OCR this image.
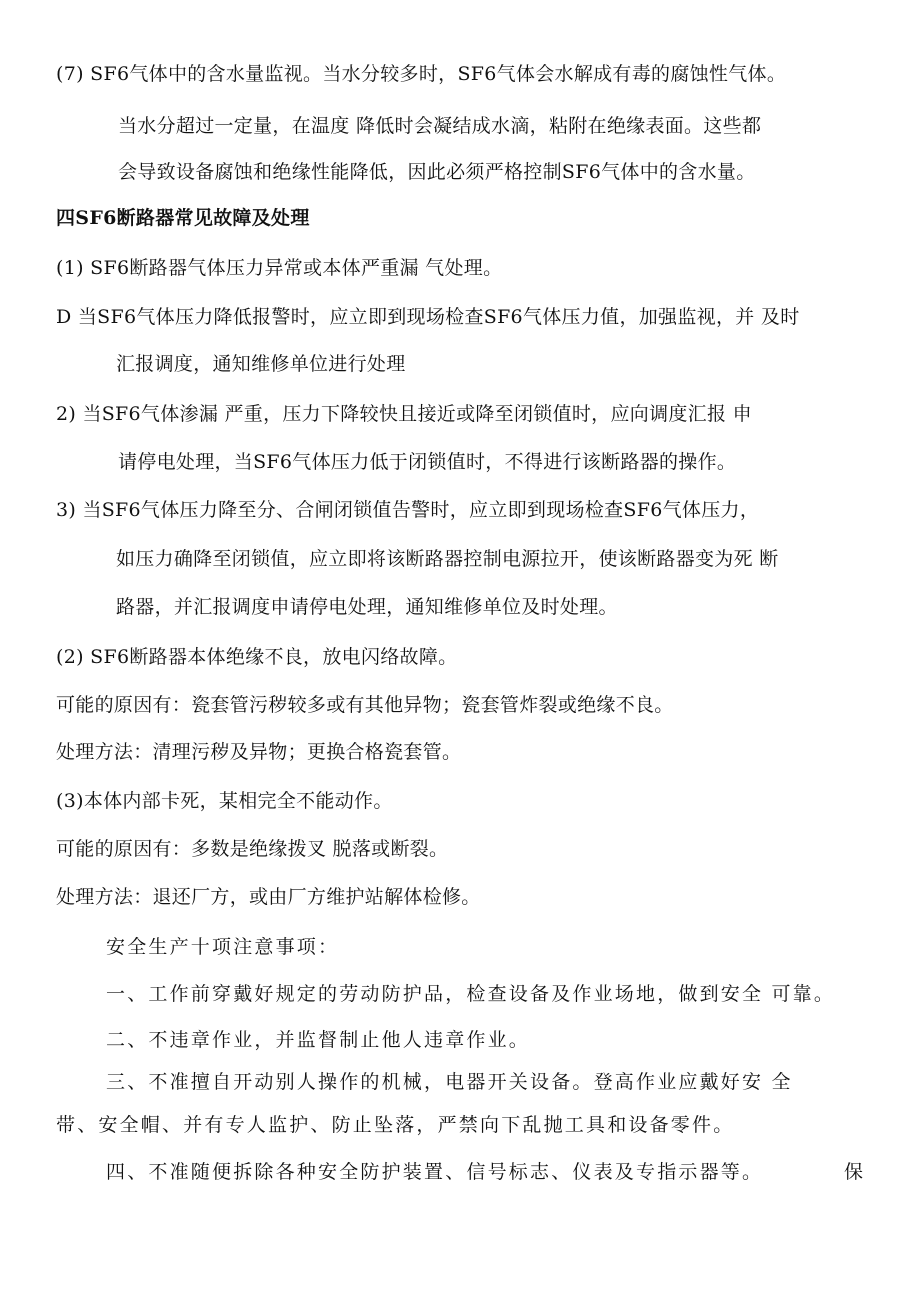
(7) SF6气体中的含水量监视。当水分较多时，SF6气体会水解成有毒的腐蚀性气体。
当水分超过一定量，在温度 降低时会凝结成水滴，粘附在绝缘表面。这些都
会导致设备腐蚀和绝缘性能降低，因此必须严格控制SF6气体中的含水量。
四SF6断路器常见故障及处理
(1) SF6断路器气体压力异常或本体严重漏 气处理。
D 当SF6气体压力降低报警时，应立即到现场检查SF6气体压力值，加强监视，并 及时
汇报调度，通知维修单位进行处理
2) 当SF6气体渗漏 严重，压力下降较快且接近或降至闭锁值时，应向调度汇报 申
请停电处理，当SF6气体压力低于闭锁值时，不得进行该断路器的操作。
3) 当SF6气体压力降至分、合闸闭锁值告警时，应立即到现场检查SF6气体压力，
如压力确降至闭锁值，应立即将该断路器控制电源拉开，使该断路器变为死 断
路器，并汇报调度申请停电处理，通知维修单位及时处理。
(2) SF6断路器本体绝缘不良，放电闪络故障。
可能的原因有：瓷套管污秽较多或有其他异物；瓷套管炸裂或绝缘不良。
处理方法：清理污秽及异物；更换合格瓷套管。
(3)本体内部卡死，某相完全不能动作。
可能的原因有：多数是绝缘拨叉 脱落或断裂。
处理方法：退还厂方，或由厂方维护站解体检修。
安全生产十项注意事项：
一、工作前穿戴好规定的劳动防护品，检查设备及作业场地，做到安全 可靠。
二、不违章作业，并监督制止他人违章作业。
三、不准擅自开动别人操作的机械，电器开关设备。登高作业应戴好安 全
带、安全帽、并有专人监护、防止坠落，严禁向下乱抛工具和设备零件。
四、不准随便拆除各种安全防护装置、信号标志、仪表及专指示器等。	保
